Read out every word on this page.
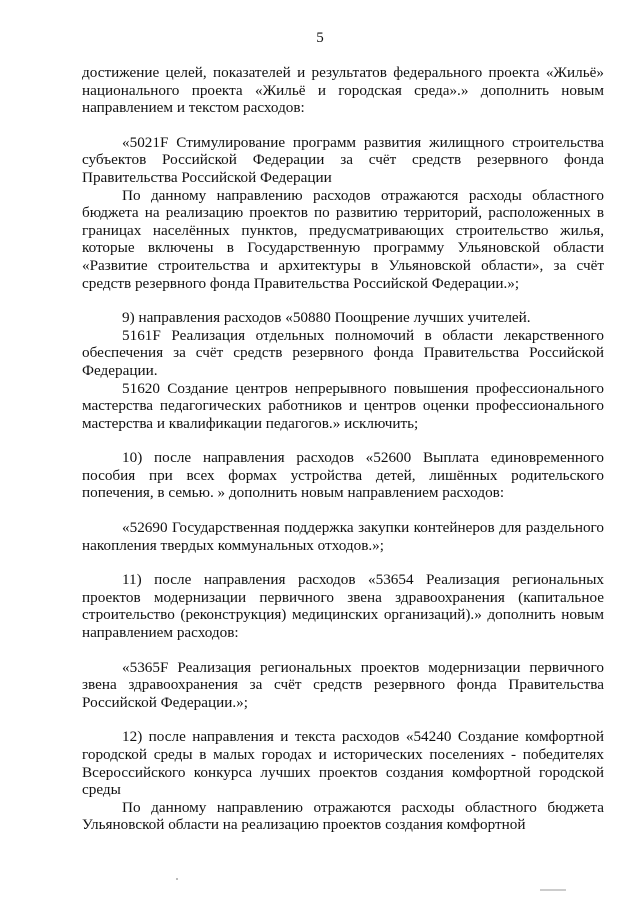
5

достижение целей, показателей и результатов федерального проекта «Жильё» национального проекта «Жильё и городская среда».» дополнить новым направлением и текстом расходов:

«5021F Стимулирование программ развития жилищного строительства субъектов Российской Федерации за счёт средств резервного фонда Правительства Российской Федерации

По данному направлению расходов отражаются расходы областного бюджета на реализацию проектов по развитию территорий, расположенных в границах населённых пунктов, предусматривающих строительство жилья, которые включены в Государственную программу Ульяновской области «Развитие строительства и архитектуры в Ульяновской области», за счёт средств резервного фонда Правительства Российской Федерации.»;

9) направления расходов «50880 Поощрение лучших учителей.

5161F Реализация отдельных полномочий в области лекарственного обеспечения за счёт средств резервного фонда Правительства Российской Федерации.

51620 Создание центров непрерывного повышения профессионального мастерства педагогических работников и центров оценки профессионального мастерства и квалификации педагогов.» исключить;

10) после направления расходов «52600 Выплата единовременного пособия при всех формах устройства детей, лишённых родительского попечения, в семью. » дополнить новым направлением расходов:

«52690 Государственная поддержка закупки контейнеров для раздельного накопления твердых коммунальных отходов.»;

11) после направления расходов «53654 Реализация региональных проектов модернизации первичного звена здравоохранения (капитальное строительство (реконструкция) медицинских организаций).» дополнить новым направлением расходов:

«5365F Реализация региональных проектов модернизации первичного звена здравоохранения за счёт средств резервного фонда Правительства Российской Федерации.»;

12) после направления и текста расходов «54240 Создание комфортной городской среды в малых городах и исторических поселениях - победителях Всероссийского конкурса лучших проектов создания комфортной городской среды

По данному направлению отражаются расходы областного бюджета Ульяновской области на реализацию проектов создания комфортной
